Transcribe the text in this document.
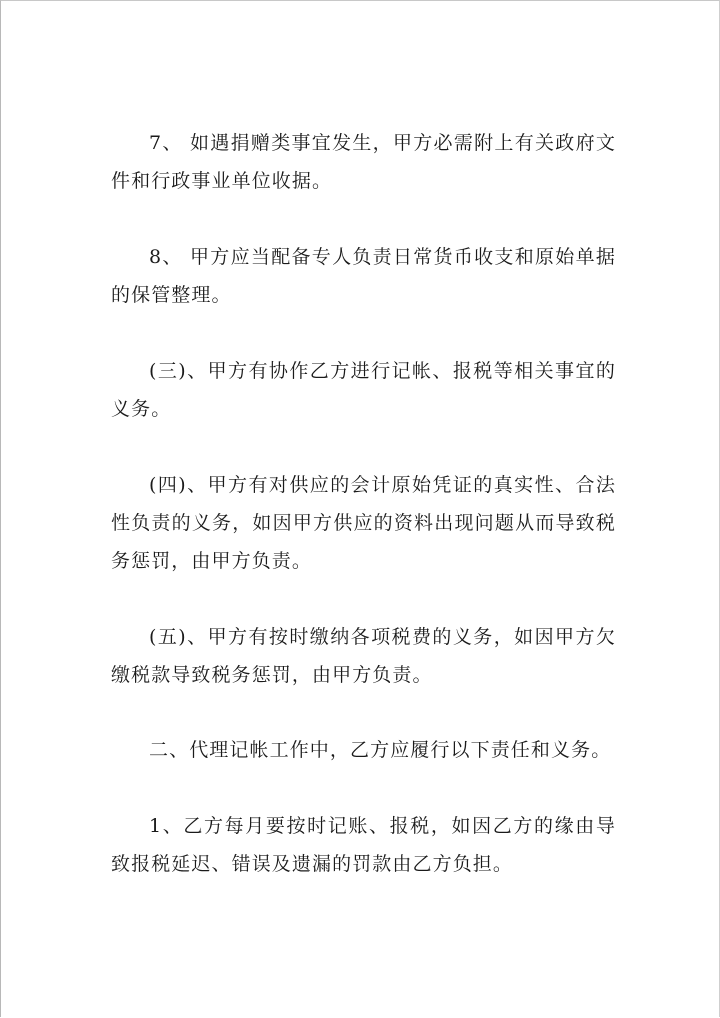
7、 如遇捐赠类事宜发生，甲方必需附上有关政府文件和行政事业单位收据。

8、 甲方应当配备专人负责日常货币收支和原始单据的保管整理。

(三)、甲方有协作乙方进行记帐、报税等相关事宜的义务。

(四)、甲方有对供应的会计原始凭证的真实性、合法性负责的义务，如因甲方供应的资料出现问题从而导致税务惩罚，由甲方负责。

(五)、甲方有按时缴纳各项税费的义务，如因甲方欠缴税款导致税务惩罚，由甲方负责。

二、代理记帐工作中，乙方应履行以下责任和义务。

1、乙方每月要按时记账、报税，如因乙方的缘由导致报税延迟、错误及遗漏的罚款由乙方负担。
